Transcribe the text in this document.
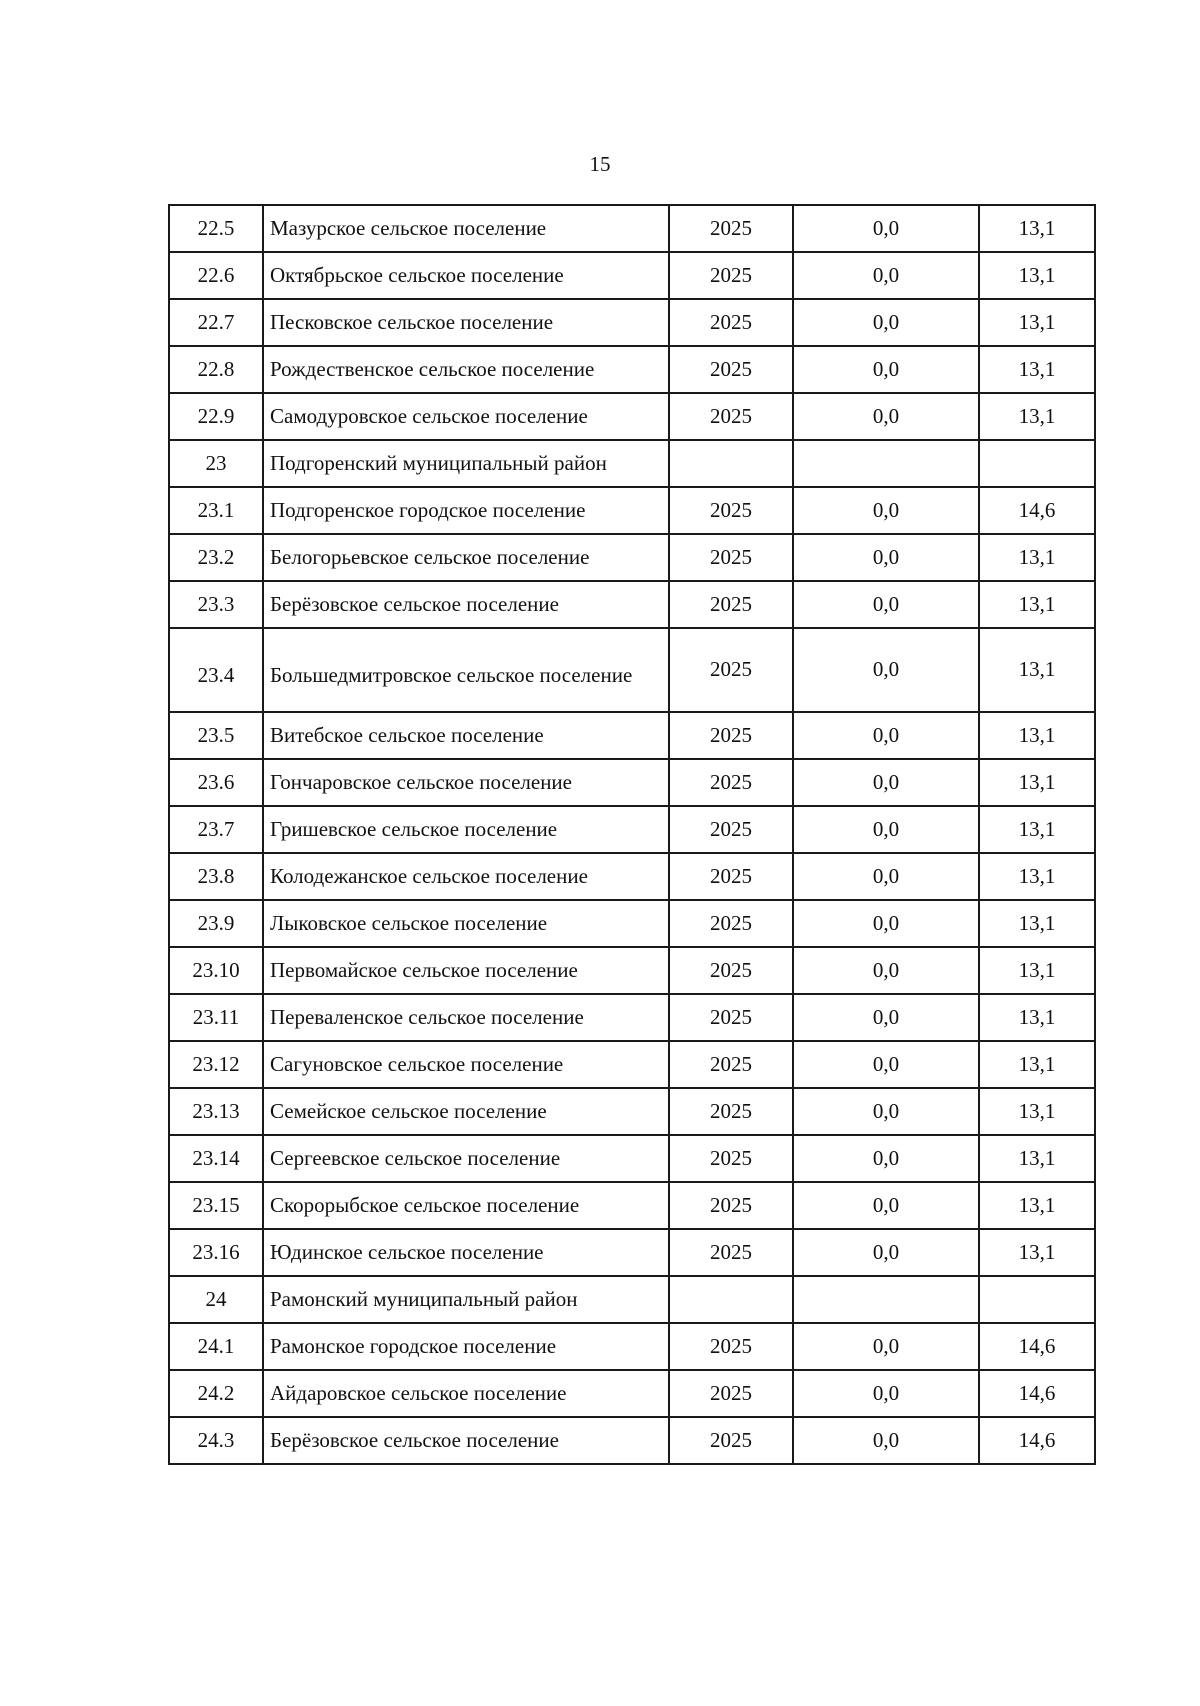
15
22.5	Мазурское сельское поселение	2025	0,0	13,1
22.6	Октябрьское сельское поселение	2025	0,0	13,1
22.7	Песковское сельское поселение	2025	0,0	13,1
22.8	Рождественское сельское поселение	2025	0,0	13,1
22.9	Самодуровское сельское поселение	2025	0,0	13,1
23	Подгоренский муниципальный район			
23.1	Подгоренское городское поселение	2025	0,0	14,6
23.2	Белогорьевское сельское поселение	2025	0,0	13,1
23.3	Берёзовское сельское поселение	2025	0,0	13,1
23.4	Большедмитровское сельское поселение	2025	0,0	13,1
23.5	Витебское сельское поселение	2025	0,0	13,1
23.6	Гончаровское сельское поселение	2025	0,0	13,1
23.7	Гришевское сельское поселение	2025	0,0	13,1
23.8	Колодежанское сельское поселение	2025	0,0	13,1
23.9	Лыковское сельское поселение	2025	0,0	13,1
23.10	Первомайское сельское поселение	2025	0,0	13,1
23.11	Переваленское сельское поселение	2025	0,0	13,1
23.12	Сагуновское сельское поселение	2025	0,0	13,1
23.13	Семейское сельское поселение	2025	0,0	13,1
23.14	Сергеевское сельское поселение	2025	0,0	13,1
23.15	Скорорыбское сельское поселение	2025	0,0	13,1
23.16	Юдинское сельское поселение	2025	0,0	13,1
24	Рамонский муниципальный район			
24.1	Рамонское городское поселение	2025	0,0	14,6
24.2	Айдаровское сельское поселение	2025	0,0	14,6
24.3	Берёзовское сельское поселение	2025	0,0	14,6
